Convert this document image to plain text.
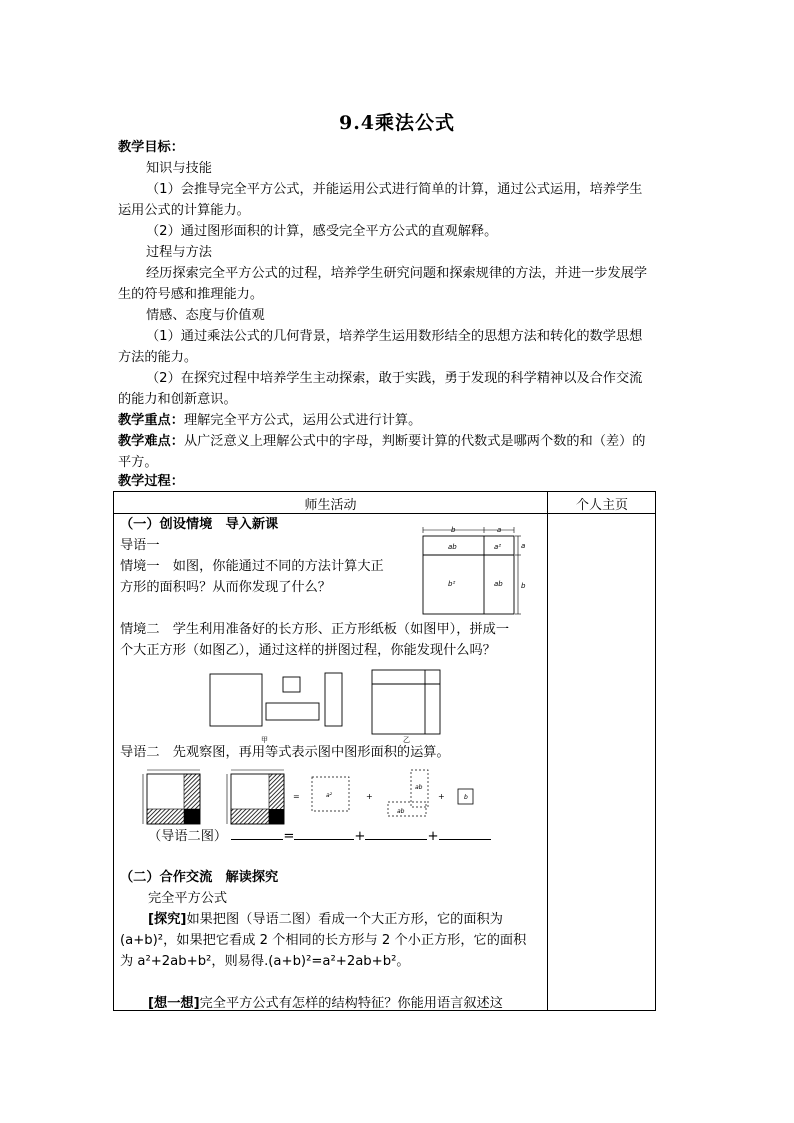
9.4乘法公式
教学目标：
知识与技能
（1）会推导完全平方公式，并能运用公式进行简单的计算，通过公式运用，培养学生
运用公式的计算能力。
（2）通过图形面积的计算，感受完全平方公式的直观解释。
过程与方法
经历探索完全平方公式的过程，培养学生研究问题和探索规律的方法，并进一步发展学
生的符号感和推理能力。
情感、态度与价值观
（1）通过乘法公式的几何背景，培养学生运用数形结全的思想方法和转化的数学思想
方法的能力。
（2）在探究过程中培养学生主动探索，敢于实践，勇于发现的科学精神以及合作交流
的能力和创新意识。
教学重点：理解完全平方公式，运用公式进行计算。
教学难点：从广泛意义上理解公式中的字母，判断要计算的代数式是哪两个数的和（差）的
平方。
教学过程：
师生活动	个人主页
（一）创设情境　导入新课
导语一
情境一　如图，你能通过不同的方法计算大正
方形的面积吗？从而你发现了什么？
b	a
a
b
ab	a²
b²	ab
情境二　学生利用准备好的长方形、正方形纸板（如图甲），拼成一
个大正方形（如图乙），通过这样的拼图过程，你能发现什么吗？
甲	乙
导语二　先观察图，再用等式表示图中图形面积的运算。
=	a²	+
ab
ab
+	b
（导语二图）	=	+	+
（二）合作交流　解读探究
完全平方公式
[探究]如果把图（导语二图）看成一个大正方形，它的面积为
(a+b)²，如果把它看成 2 个相同的长方形与 2 个小正方形，它的面积
为 a²+2ab+b²，则易得.(a+b)²=a²+2ab+b²。
[想一想]完全平方公式有怎样的结构特征？你能用语言叙述这
